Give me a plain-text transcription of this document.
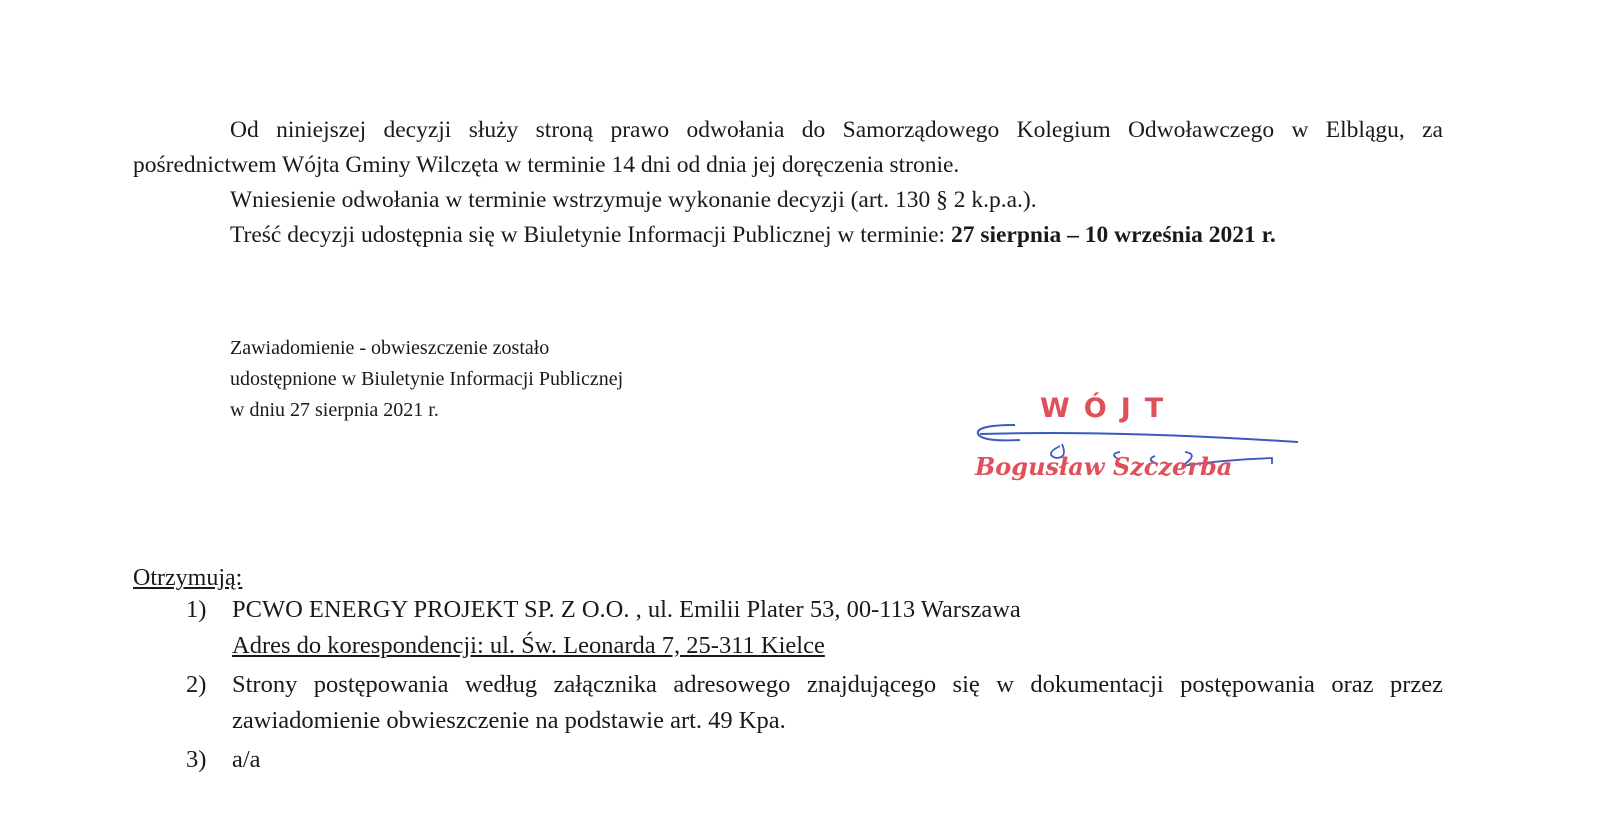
Od niniejszej decyzji służy stroną prawo odwołania do Samorządowego Kolegium Odwoławczego w Elblągu, za pośrednictwem Wójta Gminy Wilczęta w terminie 14 dni od dnia jej doręczenia stronie.
Wniesienie odwołania w terminie wstrzymuje wykonanie decyzji (art. 130 § 2 k.p.a.).
Treść decyzji udostępnia się w Biuletynie Informacji Publicznej w terminie: 27 sierpnia – 10 września 2021 r.
Zawiadomienie - obwieszczenie zostało
udostępnione w Biuletynie Informacji Publicznej
w dniu 27 sierpnia 2021 r.	WÓJT
Bogusław Szczerba
Otrzymują:
1)	PCWO ENERGY PROJEKT SP. Z O.O. , ul. Emilii Plater 53, 00-113 Warszawa
Adres do korespondencji: ul. Św. Leonarda 7, 25-311 Kielce
2)	Strony postępowania według załącznika adresowego znajdującego się w dokumentacji postępowania oraz przez zawiadomienie obwieszczenie na podstawie art. 49 Kpa.
3)	a/a
